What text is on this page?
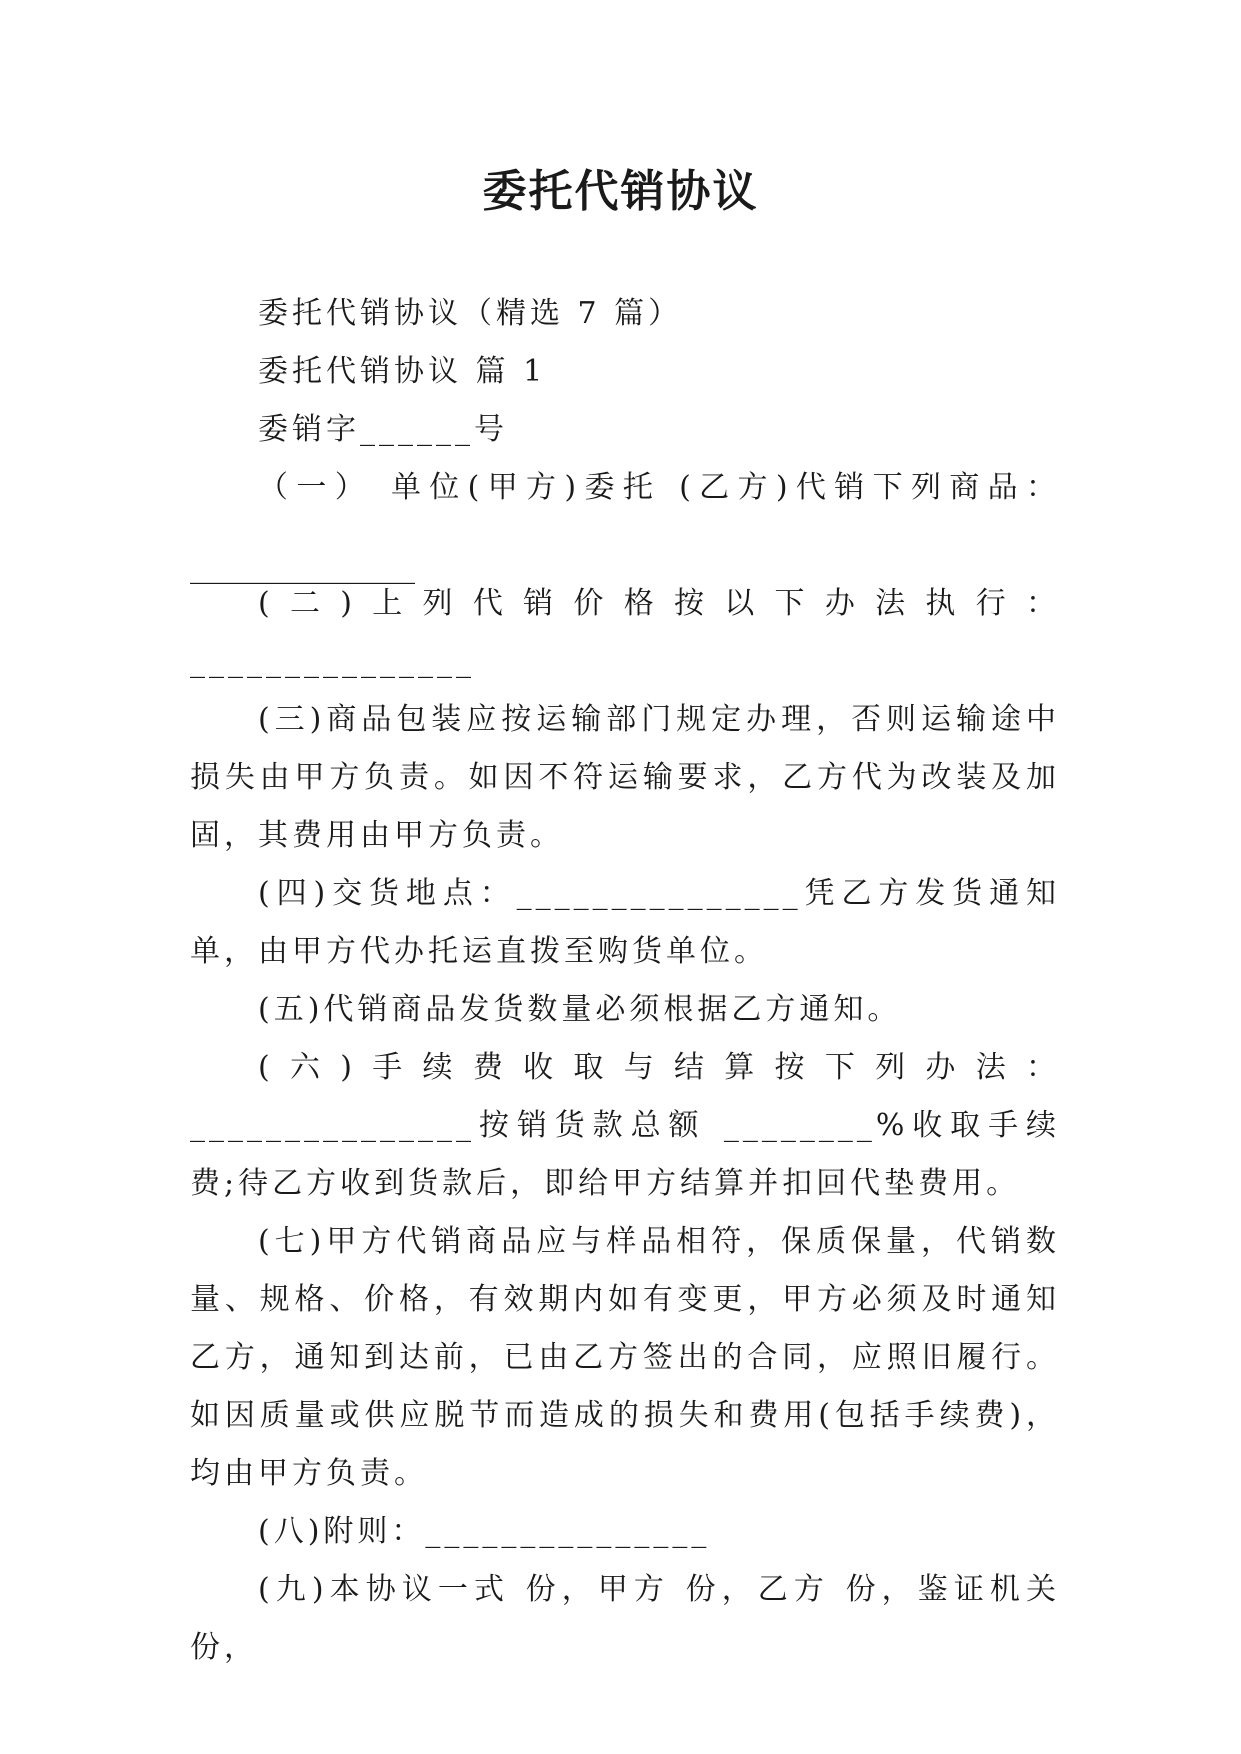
委托代销协议

委托代销协议（精选 7 篇）

委托代销协议 篇 1

委销字______号

（一） 单位(甲方)委托 (乙方)代销下列商品：

_______________

(二)上列代销价格按以下办法执行：_______________

(三)商品包装应按运输部门规定办理，否则运输途中损失由甲方负责。如因不符运输要求，乙方代为改装及加固，其费用由甲方负责。

(四)交货地点：_______________凭乙方发货通知单，由甲方代办托运直拨至购货单位。

(五)代销商品发货数量必须根据乙方通知。

(六)手续费收取与结算按下列办法：_______________按销货款总额 ________%收取手续费;待乙方收到货款后，即给甲方结算并扣回代垫费用。

(七)甲方代销商品应与样品相符，保质保量，代销数量、规格、价格，有效期内如有变更，甲方必须及时通知乙方，通知到达前，已由乙方签出的合同，应照旧履行。如因质量或供应脱节而造成的损失和费用(包括手续费)，均由甲方负责。

(八)附则：_______________

(九)本协议一式 份，甲方 份，乙方 份，鉴证机关 份，
